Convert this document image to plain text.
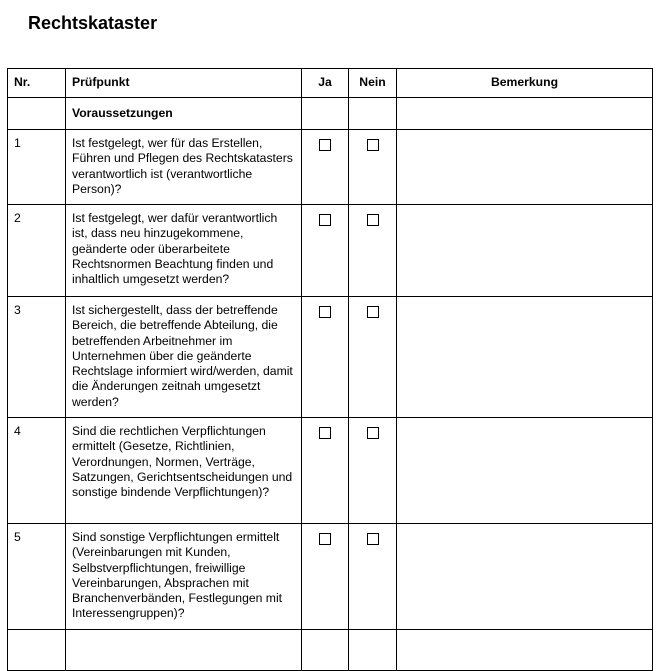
Rechtskataster
Nr.	Prüfpunkt	Ja	Nein	Bemerkung

	Voraussetzungen			

1	Ist festgelegt, wer für das Erstellen, Führen und Pflegen des Rechtskatasters verantwortlich ist (verantwortliche Person)?			

2	Ist festgelegt, wer dafür verantwortlich ist, dass neu hinzugekommene, geänderte oder überarbeitete Rechtsnormen Beachtung finden und inhaltlich umgesetzt werden?			

3	Ist sichergestellt, dass der betreffende Bereich, die betreffende Abteilung, die betreffenden Arbeitnehmer im Unternehmen über die geänderte Rechtslage informiert wird/werden, damit die Änderungen zeitnah umgesetzt werden?			

4	Sind die rechtlichen Verpflichtungen ermittelt (Gesetze, Richtlinien, Verordnungen, Normen, Verträge, Satzungen, Gerichtsentscheidungen und sonstige bindende Verpflichtungen)?			

5	Sind sonstige Verpflichtungen ermittelt (Vereinbarungen mit Kunden, Selbstverpflichtungen, freiwillige Vereinbarungen, Absprachen mit Branchenverbänden, Festlegungen mit Interessengruppen)?			
